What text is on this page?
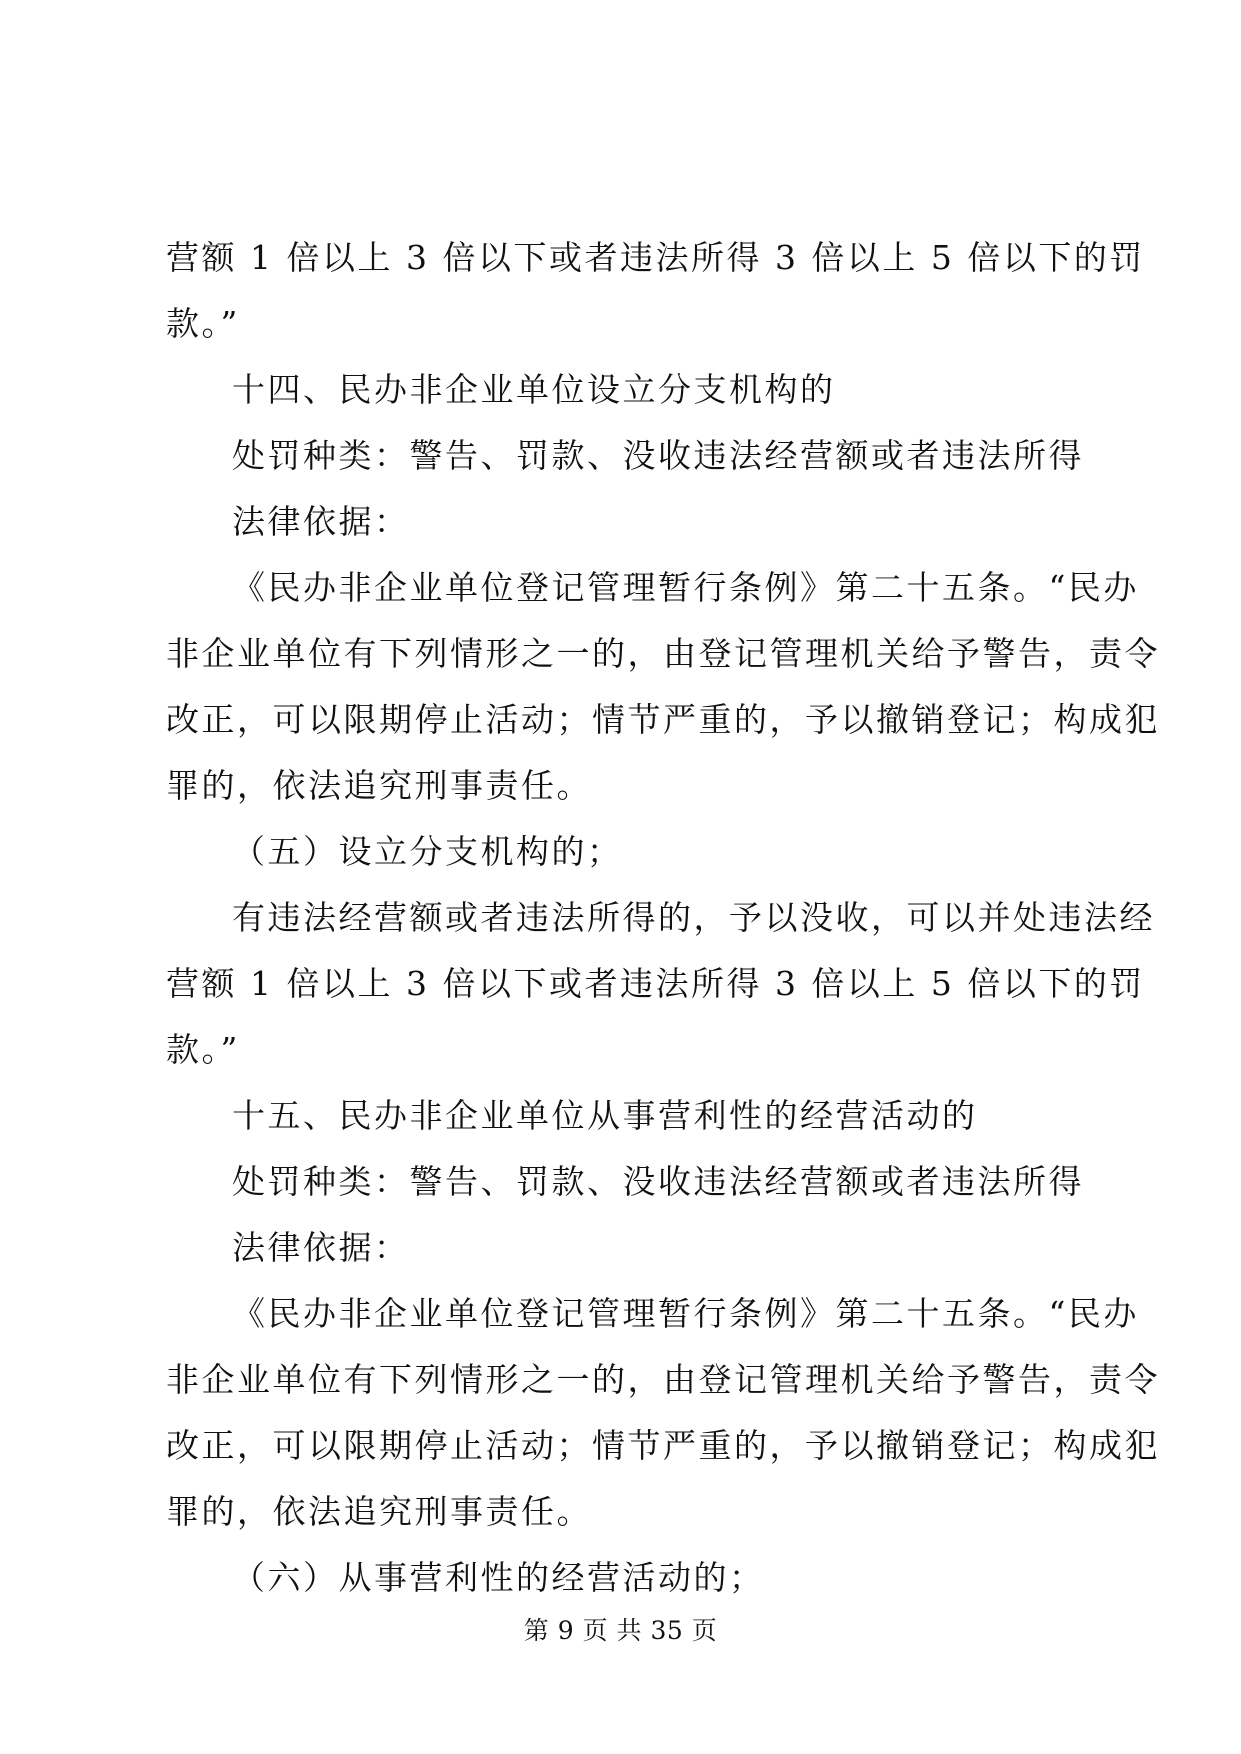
营额 1 倍以上 3 倍以下或者违法所得 3 倍以上 5 倍以下的罚
款。”
十四、民办非企业单位设立分支机构的
处罚种类：警告、罚款、没收违法经营额或者违法所得
法律依据：
《民办非企业单位登记管理暂行条例》第二十五条。“民办
非企业单位有下列情形之一的，由登记管理机关给予警告，责令
改正，可以限期停止活动；情节严重的，予以撤销登记；构成犯
罪的，依法追究刑事责任。
（五）设立分支机构的；
有违法经营额或者违法所得的，予以没收，可以并处违法经
营额 1 倍以上 3 倍以下或者违法所得 3 倍以上 5 倍以下的罚
款。”
十五、民办非企业单位从事营利性的经营活动的
处罚种类：警告、罚款、没收违法经营额或者违法所得
法律依据：
《民办非企业单位登记管理暂行条例》第二十五条。“民办
非企业单位有下列情形之一的，由登记管理机关给予警告，责令
改正，可以限期停止活动；情节严重的，予以撤销登记；构成犯
罪的，依法追究刑事责任。
（六）从事营利性的经营活动的；
第 9 页 共 35 页
